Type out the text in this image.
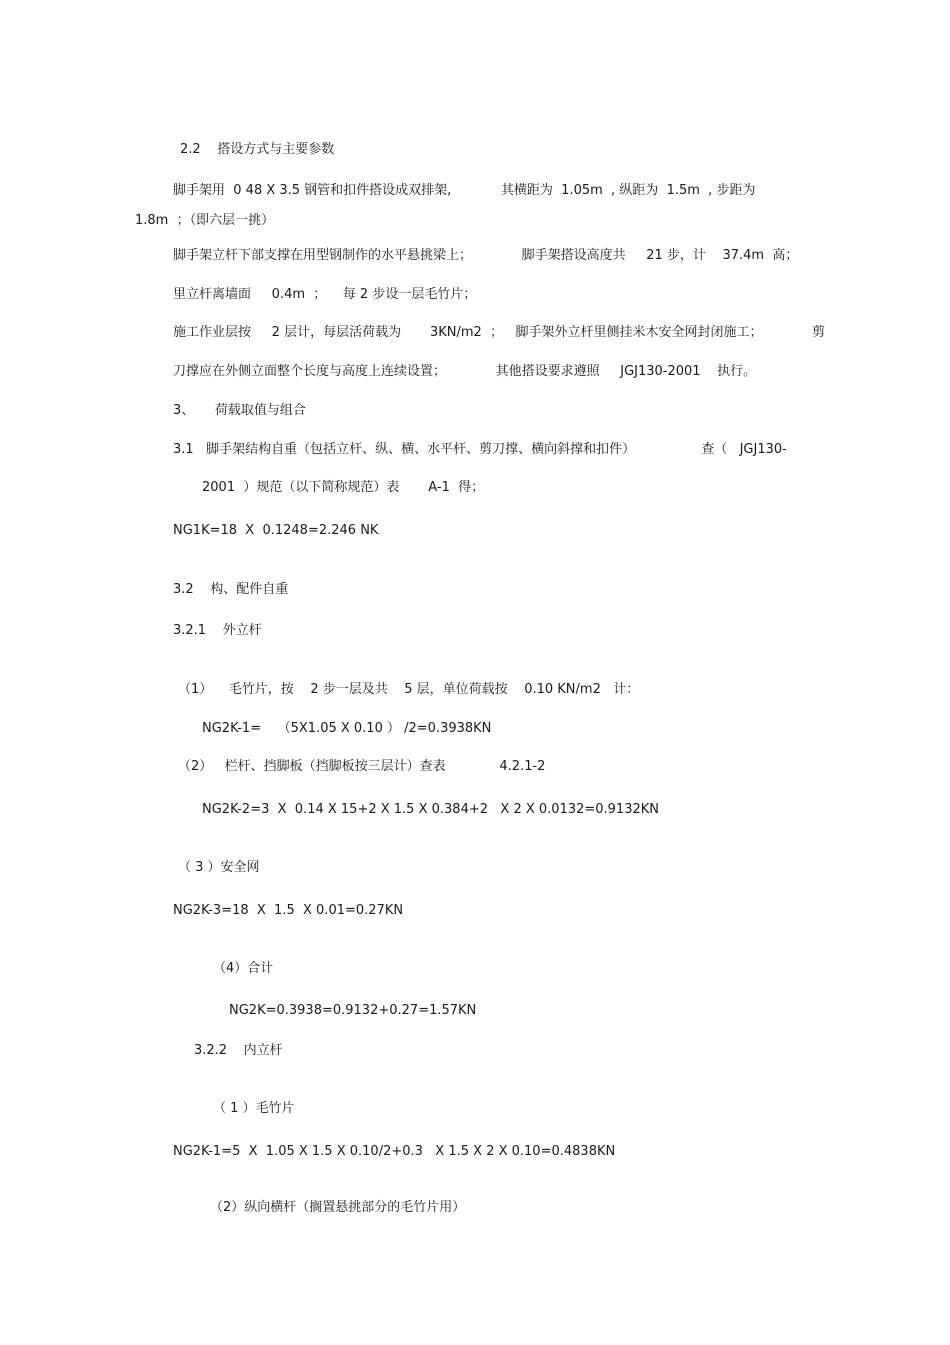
2.2    搭设方式与主要参数

脚手架用  0 48 X 3.5 钢管和扣件搭设成双排架,            其横距为  1.05m  , 纵距为  1.5m  , 步距为

1.8m  ；（即六层一挑）

脚手架立杆下部支撑在用型钢制作的水平悬挑梁上；            脚手架搭设高度共     21 步，计    37.4m  高；

里立杆离墙面     0.4m  ；    每 2 步设一层毛竹片；

施工作业层按     2 层计，每层活荷载为       3KN/m2  ；   脚手架外立杆里侧挂米木安全网封闭施工；            剪

刀撑应在外侧立面整个长度与高度上连续设置；            其他搭设要求遵照     JGJ130-2001    执行。

3、     荷载取值与组合

3.1   脚手架结构自重（包括立杆、纵、横、水平杆、剪刀撑、横向斜撑和扣件）                查（   JGJ130-

2001  ）规范（以下简称规范）表       A-1  得；

NG1K=18  X  0.1248=2.246 NK

3.2    构、配件自重

3.2.1    外立杆

（1）    毛竹片，按    2 步一层及共    5 层，单位荷载按    0.10 KN/m2   计：

NG2K-1=    （5X1.05 X 0.10 ） /2=0.3938KN

（2）   栏杆、挡脚板（挡脚板按三层计）查表             4.2.1-2

NG2K-2=3  X  0.14 X 15+2 X 1.5 X 0.384+2   X 2 X 0.0132=0.9132KN

（ 3 ）安全网

NG2K-3=18  X  1.5  X 0.01=0.27KN

（4）合计

NG2K=0.3938=0.9132+0.27=1.57KN

3.2.2    内立杆

（ 1 ）毛竹片

NG2K-1=5  X  1.05 X 1.5 X 0.10/2+0.3   X 1.5 X 2 X 0.10=0.4838KN

（2）纵向横杆（搁置悬挑部分的毛竹片用）
